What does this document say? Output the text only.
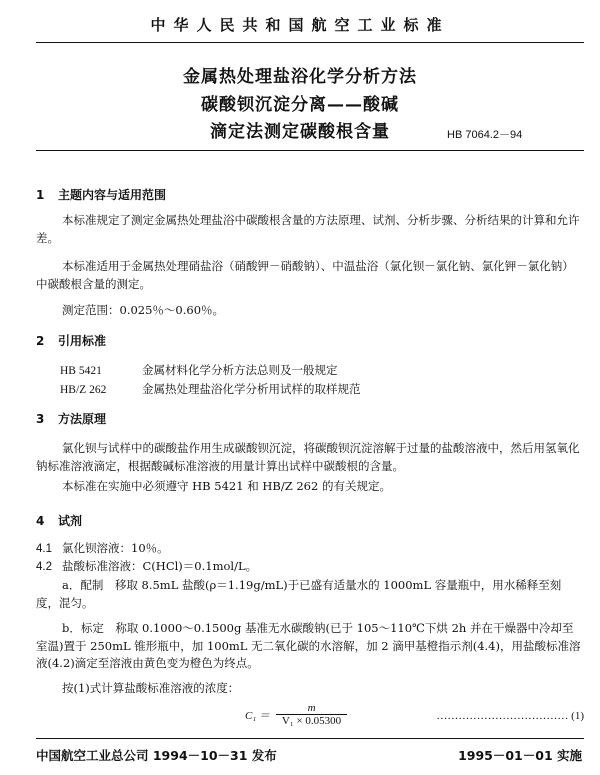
中华人民共和国航空工业标准
金属热处理盐浴化学分析方法
碳酸钡沉淀分离——酸碱
滴定法测定碳酸根含量	HB 7064.2－94
1 主题内容与适用范围

本标准规定了测定金属热处理盐浴中碳酸根含量的方法原理、试剂、分析步骤、分析结果的计算和允许差。

本标准适用于金属热处理硝盐浴（硝酸钾－硝酸钠）、中温盐浴（氯化钡－氯化钠、氯化钾－氯化钠）中碳酸根含量的测定。

测定范围：0.025％～0.60％。

2 引用标准
HB 5421	金属材料化学分析方法总则及一般规定
HB/Z 262	金属热处理盐浴化学分析用试样的取样规范
3 方法原理

氯化钡与试样中的碳酸盐作用生成碳酸钡沉淀，将碳酸钡沉淀溶解于过量的盐酸溶液中，然后用氢氧化钠标准溶液滴定，根据酸碱标准溶液的用量计算出试样中碳酸根的含量。

本标准在实施中必须遵守 HB 5421 和 HB/Z 262 的有关规定。

4 试剂
4.1 氯化钡溶液：10％。
4.2 盐酸标准溶液：C(HCl)＝0.1mol/L。

a．配制　移取 8.5mL 盐酸(ρ＝1.19g/mL)于已盛有适量水的 1000mL 容量瓶中，用水稀释至刻度，混匀。

b．标定　称取 0.1000～0.1500g 基准无水碳酸钠(已于 105～110℃下烘 2h 并在干燥器中冷却至室温)置于 250mL 锥形瓶中，加 100mL 无二氧化碳的水溶解，加 2 滴甲基橙指示剂(4.4)，用盐酸标准溶液(4.2)滴定至溶液由黄色变为橙色为终点。

按(1)式计算盐酸标准溶液的浓度：

$C_1 = \frac{m}{\text{V₁ × 0.05300}}$	……………………………… (1)
中国航空工业总公司 1994－10－31 发布	1995－01－01 实施
